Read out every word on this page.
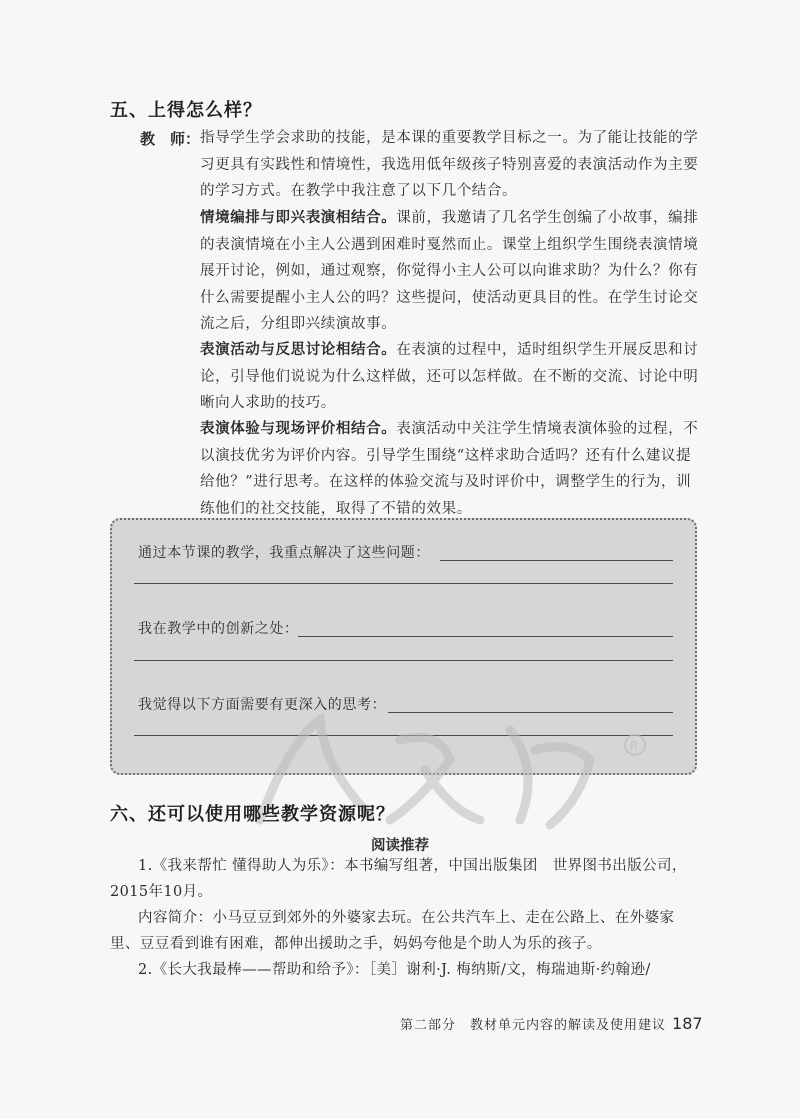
五、上得怎么样？
教　师： 指导学生学会求助的技能，是本课的重要教学目标之一。为了能让技能的学习更具有实践性和情境性，我选用低年级孩子特别喜爱的表演活动作为主要的学习方式。在教学中我注意了以下几个结合。
情境编排与即兴表演相结合。课前，我邀请了几名学生创编了小故事，编排的表演情境在小主人公遇到困难时戛然而止。课堂上组织学生围绕表演情境展开讨论，例如，通过观察，你觉得小主人公可以向谁求助？为什么？你有什么需要提醒小主人公的吗？这些提问，使活动更具目的性。在学生讨论交流之后，分组即兴续演故事。
表演活动与反思讨论相结合。在表演的过程中，适时组织学生开展反思和讨论，引导他们说说为什么这样做，还可以怎样做。在不断的交流、讨论中明晰向人求助的技巧。
表演体验与现场评价相结合。表演活动中关注学生情境表演体验的过程，不以演技优劣为评价内容。引导学生围绕“这样求助合适吗？还有什么建议提给他？”进行思考。在这样的体验交流与及时评价中，调整学生的行为，训练他们的社交技能，取得了不错的效果。
通过本节课的教学，我重点解决了这些问题：
我在教学中的创新之处：
我觉得以下方面需要有更深入的思考：
R
六、还可以使用哪些教学资源呢？
阅读推荐
1.《我来帮忙 懂得助人为乐》：本书编写组著，中国出版集团　世界图书出版公司，2015年10月。
内容简介：小马豆豆到郊外的外婆家去玩。在公共汽车上、走在公路上、在外婆家里、豆豆看到谁有困难，都伸出援助之手，妈妈夸他是个助人为乐的孩子。
2.《长大我最棒——帮助和给予》：［美］谢利·J. 梅纳斯/文，梅瑞迪斯·约翰逊/
第二部分　教材单元内容的解读及使用建议 187
